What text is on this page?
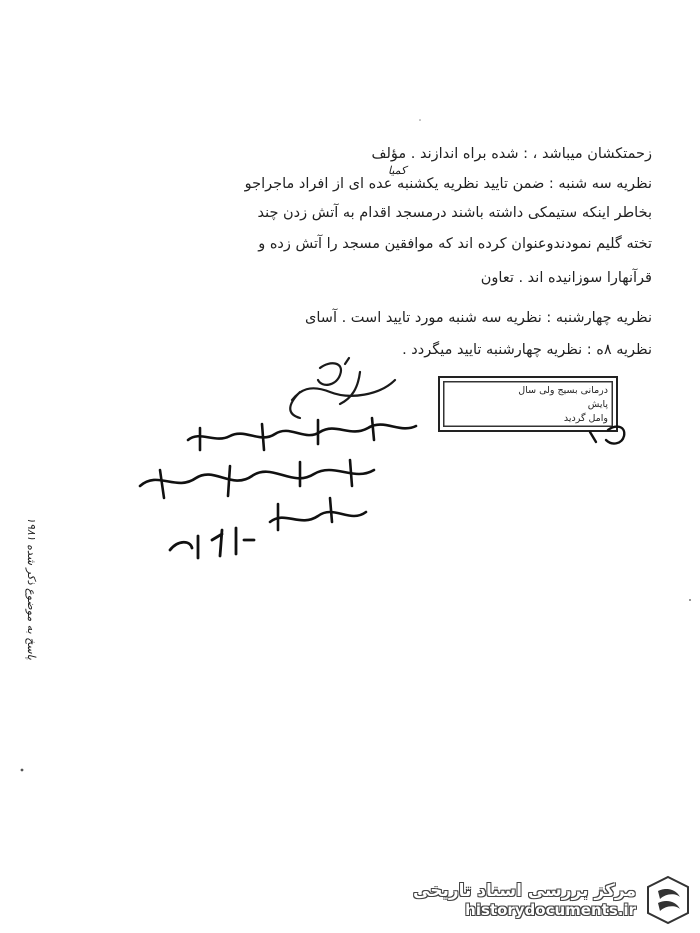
زحمتکشان میباشد ، : شده براه اندازند . مؤلف
کمیا
نظریه سه شنبه : ضمن تایید نظریه یکشنبه عده ای از افراد ماجراجو
بخاطر اینکه ستیمکی داشته باشند درمسجد اقدام به آتش زدن چند
تخته گلیم نمودندوعنوان کرده اند که موافقین مسجد را آتش زده و
قرآنهارا سوزانیده اند . تعاون
نظریه چهارشنبه : نظریه سه شنبه مورد تایید است . آسای
نظریه ۸ه : نظریه چهارشنبه تایید میگردد .
درمانی بسیج ولی سال
پایش
وامل گردید
پاسخ به موضوع ذکر شده ۱۹۸۱
مرکز بررسی اسناد تاریخی
historydocuments.ir
